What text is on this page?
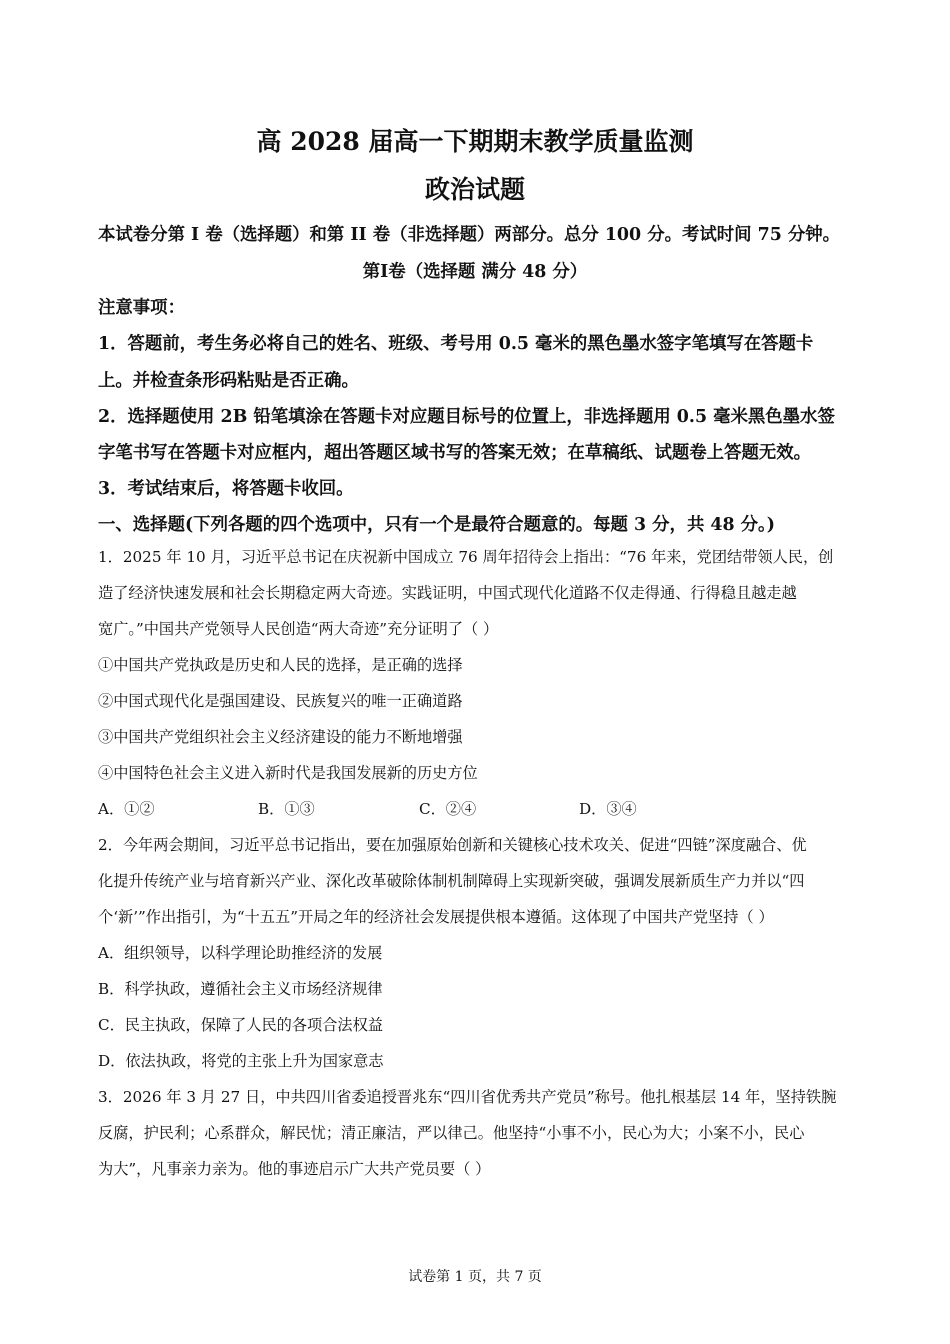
高 2028 届高一下期期末教学质量监测
政治试题
本试卷分第 I 卷（选择题）和第 II 卷（非选择题）两部分。总分 100 分。考试时间 75 分钟。
第I卷（选择题 满分 48 分）
注意事项：
1．答题前，考生务必将自己的姓名、班级、考号用 0.5 毫米的黑色墨水签字笔填写在答题卡
上。并检查条形码粘贴是否正确。
2．选择题使用 2B 铅笔填涂在答题卡对应题目标号的位置上，非选择题用 0.5 毫米黑色墨水签
字笔书写在答题卡对应框内，超出答题区域书写的答案无效；在草稿纸、试题卷上答题无效。
3．考试结束后，将答题卡收回。
一、选择题(下列各题的四个选项中，只有一个是最符合题意的。每题 3 分，共 48 分。)
1．2025 年 10 月，习近平总书记在庆祝新中国成立 76 周年招待会上指出：“76 年来，党团结带领人民，创
造了经济快速发展和社会长期稳定两大奇迹。实践证明，中国式现代化道路不仅走得通、行得稳且越走越
宽广。”中国共产党领导人民创造“两大奇迹”充分证明了（ ）
①中国共产党执政是历史和人民的选择，是正确的选择
②中国式现代化是强国建设、民族复兴的唯一正确道路
③中国共产党组织社会主义经济建设的能力不断地增强
④中国特色社会主义进入新时代是我国发展新的历史方位
A．①②	B．①③	C．②④	D．③④
2．今年两会期间，习近平总书记指出，要在加强原始创新和关键核心技术攻关、促进“四链”深度融合、优
化提升传统产业与培育新兴产业、深化改革破除体制机制障碍上实现新突破，强调发展新质生产力并以“四
个‘新’”作出指引，为“十五五”开局之年的经济社会发展提供根本遵循。这体现了中国共产党坚持（ ）
A．组织领导，以科学理论助推经济的发展
B．科学执政，遵循社会主义市场经济规律
C．民主执政，保障了人民的各项合法权益
D．依法执政，将党的主张上升为国家意志
3．2026 年 3 月 27 日，中共四川省委追授晋兆东“四川省优秀共产党员”称号。他扎根基层 14 年，坚持铁腕
反腐，护民利；心系群众，解民忧；清正廉洁，严以律己。他坚持“小事不小，民心为大；小案不小，民心
为大”，凡事亲力亲为。他的事迹启示广大共产党员要（ ）
试卷第 1 页，共 7 页
